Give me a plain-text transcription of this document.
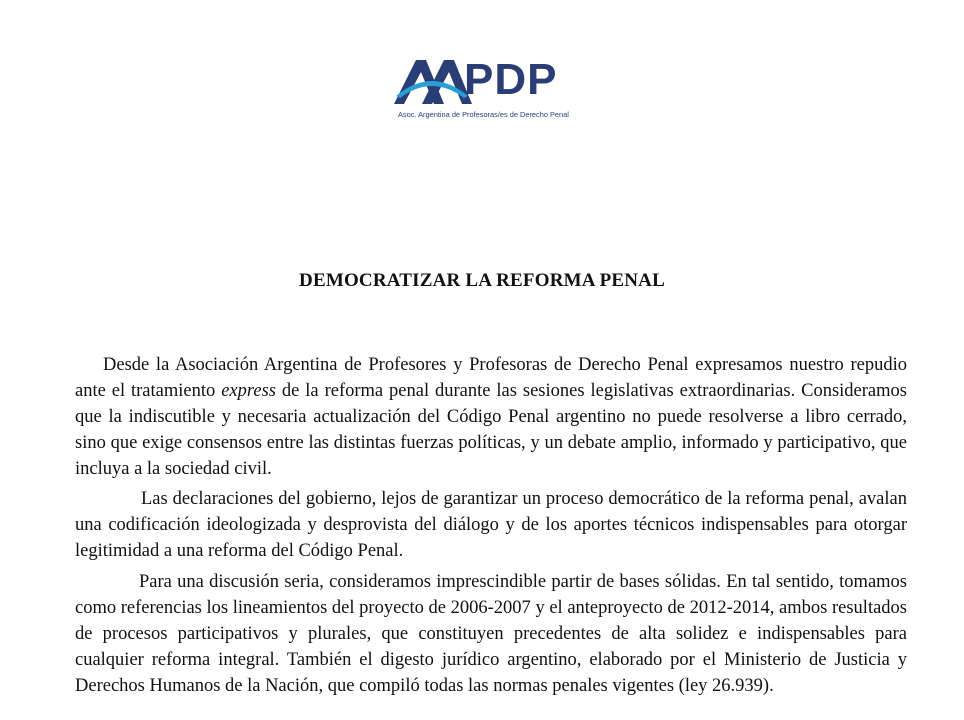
PDP
Asoc. Argentina de Profesoras/es de Derecho Penal
DEMOCRATIZAR LA REFORMA PENAL

Desde la Asociación Argentina de Profesores y Profesoras de Derecho Penal expresamos nuestro repudio ante el tratamiento express de la reforma penal durante las sesiones legislativas extraordinarias. Consideramos que la indiscutible y necesaria actualización del Código Penal argentino no puede resolverse a libro cerrado, sino que exige consensos entre las distintas fuerzas políticas, y un debate amplio, informado y participativo, que incluya a la sociedad civil.

Las declaraciones del gobierno, lejos de garantizar un proceso democrático de la reforma penal, avalan una codificación ideologizada y desprovista del diálogo y de los aportes técnicos indispensables para otorgar legitimidad a una reforma del Código Penal.

Para una discusión seria, consideramos imprescindible partir de bases sólidas. En tal sentido, tomamos como referencias los lineamientos del proyecto de 2006-2007 y el anteproyecto de 2012-2014, ambos resultados de procesos participativos y plurales, que constituyen precedentes de alta solidez e indispensables para cualquier reforma integral. También el digesto jurídico argentino, elaborado por el Ministerio de Justicia y Derechos Humanos de la Nación, que compiló todas las normas penales vigentes (ley 26.939).
